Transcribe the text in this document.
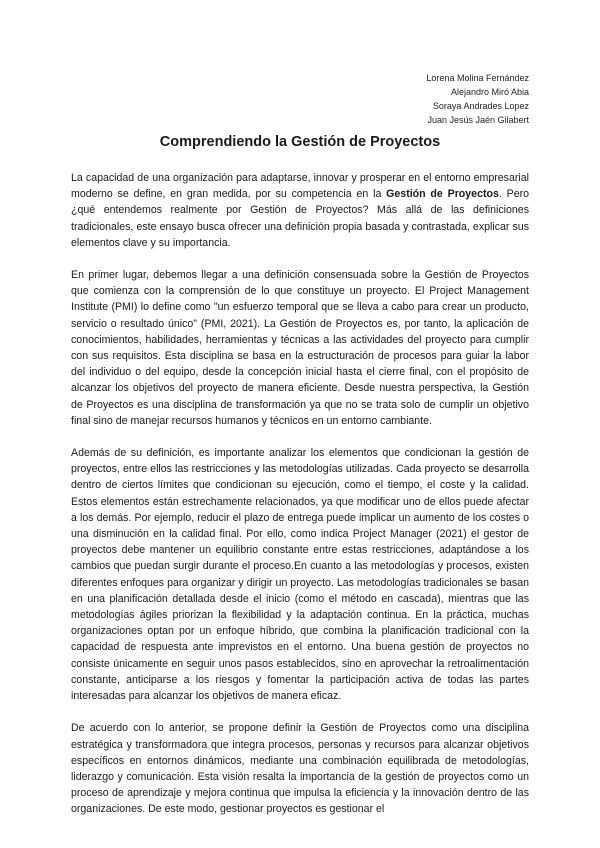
Lorena Molina Fernández
Alejandro Miró Abia
Soraya Andrades Lopez
Juan Jesús Jaén Gilabert
Comprendiendo la Gestión de Proyectos

La capacidad de una organización para adaptarse, innovar y prosperar en el entorno empresarial moderno se define, en gran medida, por su competencia en la Gestión de Proyectos. Pero ¿qué entendemos realmente por Gestión de Proyectos? Más allá de las definiciones tradicionales, este ensayo busca ofrecer una definición propia basada y contrastada, explicar sus elementos clave y su importancia.

En primer lugar, debemos llegar a una definición consensuada sobre la Gestión de Proyectos que comienza con la comprensión de lo que constituye un proyecto. El Project Management Institute (PMI) lo define como "un esfuerzo temporal que se lleva a cabo para crear un producto, servicio o resultado único" (PMI, 2021). La Gestión de Proyectos es, por tanto, la aplicación de conocimientos, habilidades, herramientas y técnicas a las actividades del proyecto para cumplir con sus requisitos. Esta disciplina se basa en la estructuración de procesos para guiar la labor del individuo o del equipo, desde la concepción inicial hasta el cierre final, con el propósito de alcanzar los objetivos del proyecto de manera eficiente. Desde nuestra perspectiva, la Gestión de Proyectos es una disciplina de transformación ya que no se trata solo de cumplir un objetivo final sino de manejar recursos humanos y técnicos en un entorno cambiante.

Además de su definición, es importante analizar los elementos que condicionan la gestión de proyectos, entre ellos las restricciones y las metodologías utilizadas. Cada proyecto se desarrolla dentro de ciertos límites que condicionan su ejecución, como el tiempo, el coste y la calidad. Estos elementos están estrechamente relacionados, ya que modificar uno de ellos puede afectar a los demás. Por ejemplo, reducir el plazo de entrega puede implicar un aumento de los costes o una disminución en la calidad final. Por ello, como indica Project Manager (2021) el gestor de proyectos debe mantener un equilibrio constante entre estas restricciones, adaptándose a los cambios que puedan surgir durante el proceso.En cuanto a las metodologías y procesos, existen diferentes enfoques para organizar y dirigir un proyecto. Las metodologías tradicionales se basan en una planificación detallada desde el inicio (como el método en cascada), mientras que las metodologías ágiles priorizan la flexibilidad y la adaptación continua. En la práctica, muchas organizaciones optan por un enfoque híbrido, que combina la planificación tradicional con la capacidad de respuesta ante imprevistos en el entorno. Una buena gestión de proyectos no consiste únicamente en seguir unos pasos establecidos, sino en aprovechar la retroalimentación constante, anticiparse a los riesgos y fomentar la participación activa de todas las partes interesadas para alcanzar los objetivos de manera eficaz.

De acuerdo con lo anterior, se propone definir la Gestión de Proyectos como una disciplina estratégica y transformadora que integra procesos, personas y recursos para alcanzar objetivos específicos en entornos dinámicos, mediante una combinación equilibrada de metodologías, liderazgo y comunicación. Esta visión resalta la importancia de la gestión de proyectos como un proceso de aprendizaje y mejora continua que impulsa la eficiencia y la innovación dentro de las organizaciones. De este modo, gestionar proyectos es gestionar el
